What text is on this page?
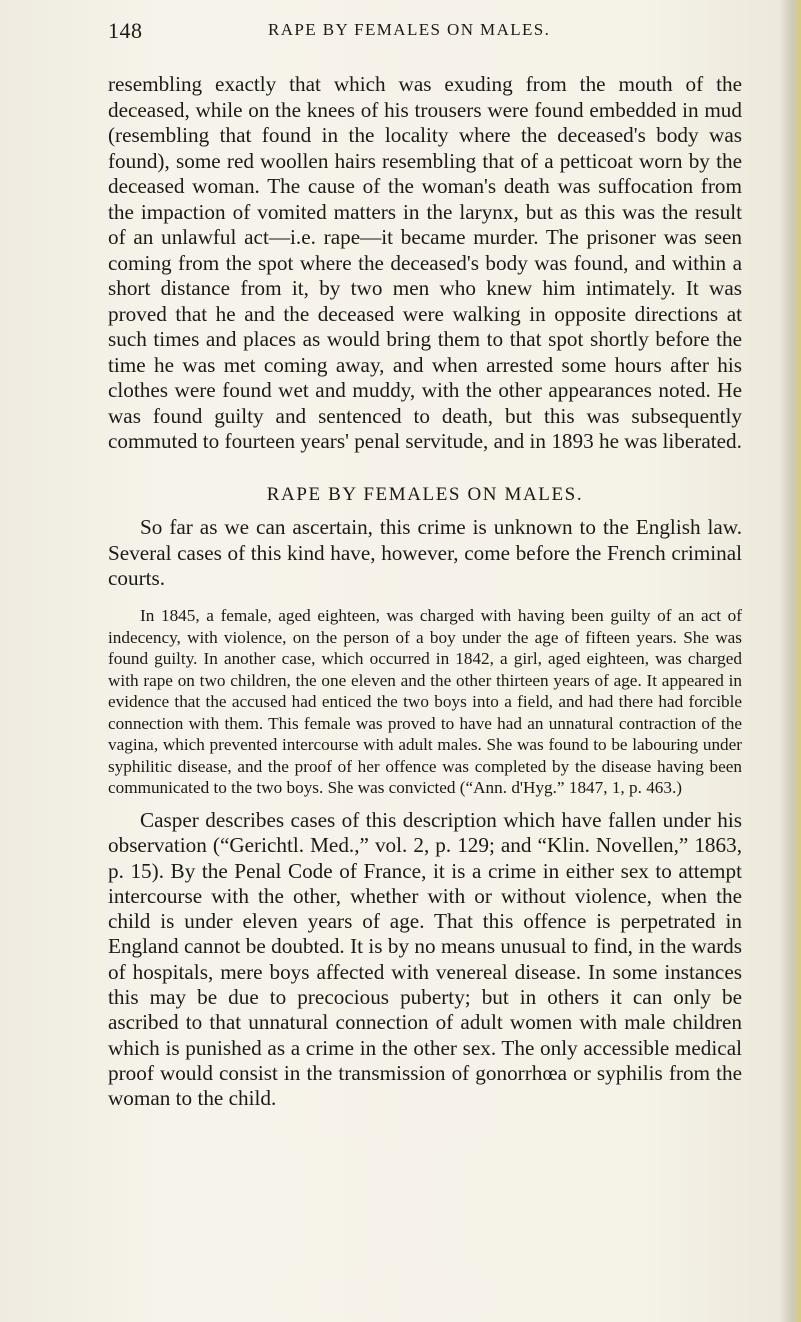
148	RAPE BY FEMALES ON MALES.

resembling exactly that which was exuding from the mouth of the deceased, while on the knees of his trousers were found embedded in mud (resembling that found in the locality where the deceased's body was found), some red woollen hairs resembling that of a petticoat worn by the deceased woman. The cause of the woman's death was suffocation from the impaction of vomited matters in the larynx, but as this was the result of an unlawful act—i.e. rape—it became murder. The prisoner was seen coming from the spot where the deceased's body was found, and within a short distance from it, by two men who knew him intimately. It was proved that he and the deceased were walking in opposite directions at such times and places as would bring them to that spot shortly before the time he was met coming away, and when arrested some hours after his clothes were found wet and muddy, with the other appearances noted. He was found guilty and sentenced to death, but this was subsequently commuted to fourteen years' penal servitude, and in 1893 he was liberated.

RAPE BY FEMALES ON MALES.

So far as we can ascertain, this crime is unknown to the English law. Several cases of this kind have, however, come before the French criminal courts.

In 1845, a female, aged eighteen, was charged with having been guilty of an act of indecency, with violence, on the person of a boy under the age of fifteen years. She was found guilty. In another case, which occurred in 1842, a girl, aged eighteen, was charged with rape on two children, the one eleven and the other thirteen years of age. It appeared in evidence that the accused had enticed the two boys into a field, and had there had forcible connection with them. This female was proved to have had an unnatural contraction of the vagina, which prevented intercourse with adult males. She was found to be labouring under syphilitic disease, and the proof of her offence was completed by the disease having been communicated to the two boys. She was convicted (“Ann. d'Hyg.” 1847, 1, p. 463.)

Casper describes cases of this description which have fallen under his observation (“Gerichtl. Med.,” vol. 2, p. 129; and “Klin. Novellen,” 1863, p. 15). By the Penal Code of France, it is a crime in either sex to attempt intercourse with the other, whether with or without violence, when the child is under eleven years of age. That this offence is perpetrated in England cannot be doubted. It is by no means unusual to find, in the wards of hospitals, mere boys affected with venereal disease. In some instances this may be due to precocious puberty; but in others it can only be ascribed to that unnatural connection of adult women with male children which is punished as a crime in the other sex. The only accessible medical proof would consist in the transmission of gonorrhœa or syphilis from the woman to the child.
